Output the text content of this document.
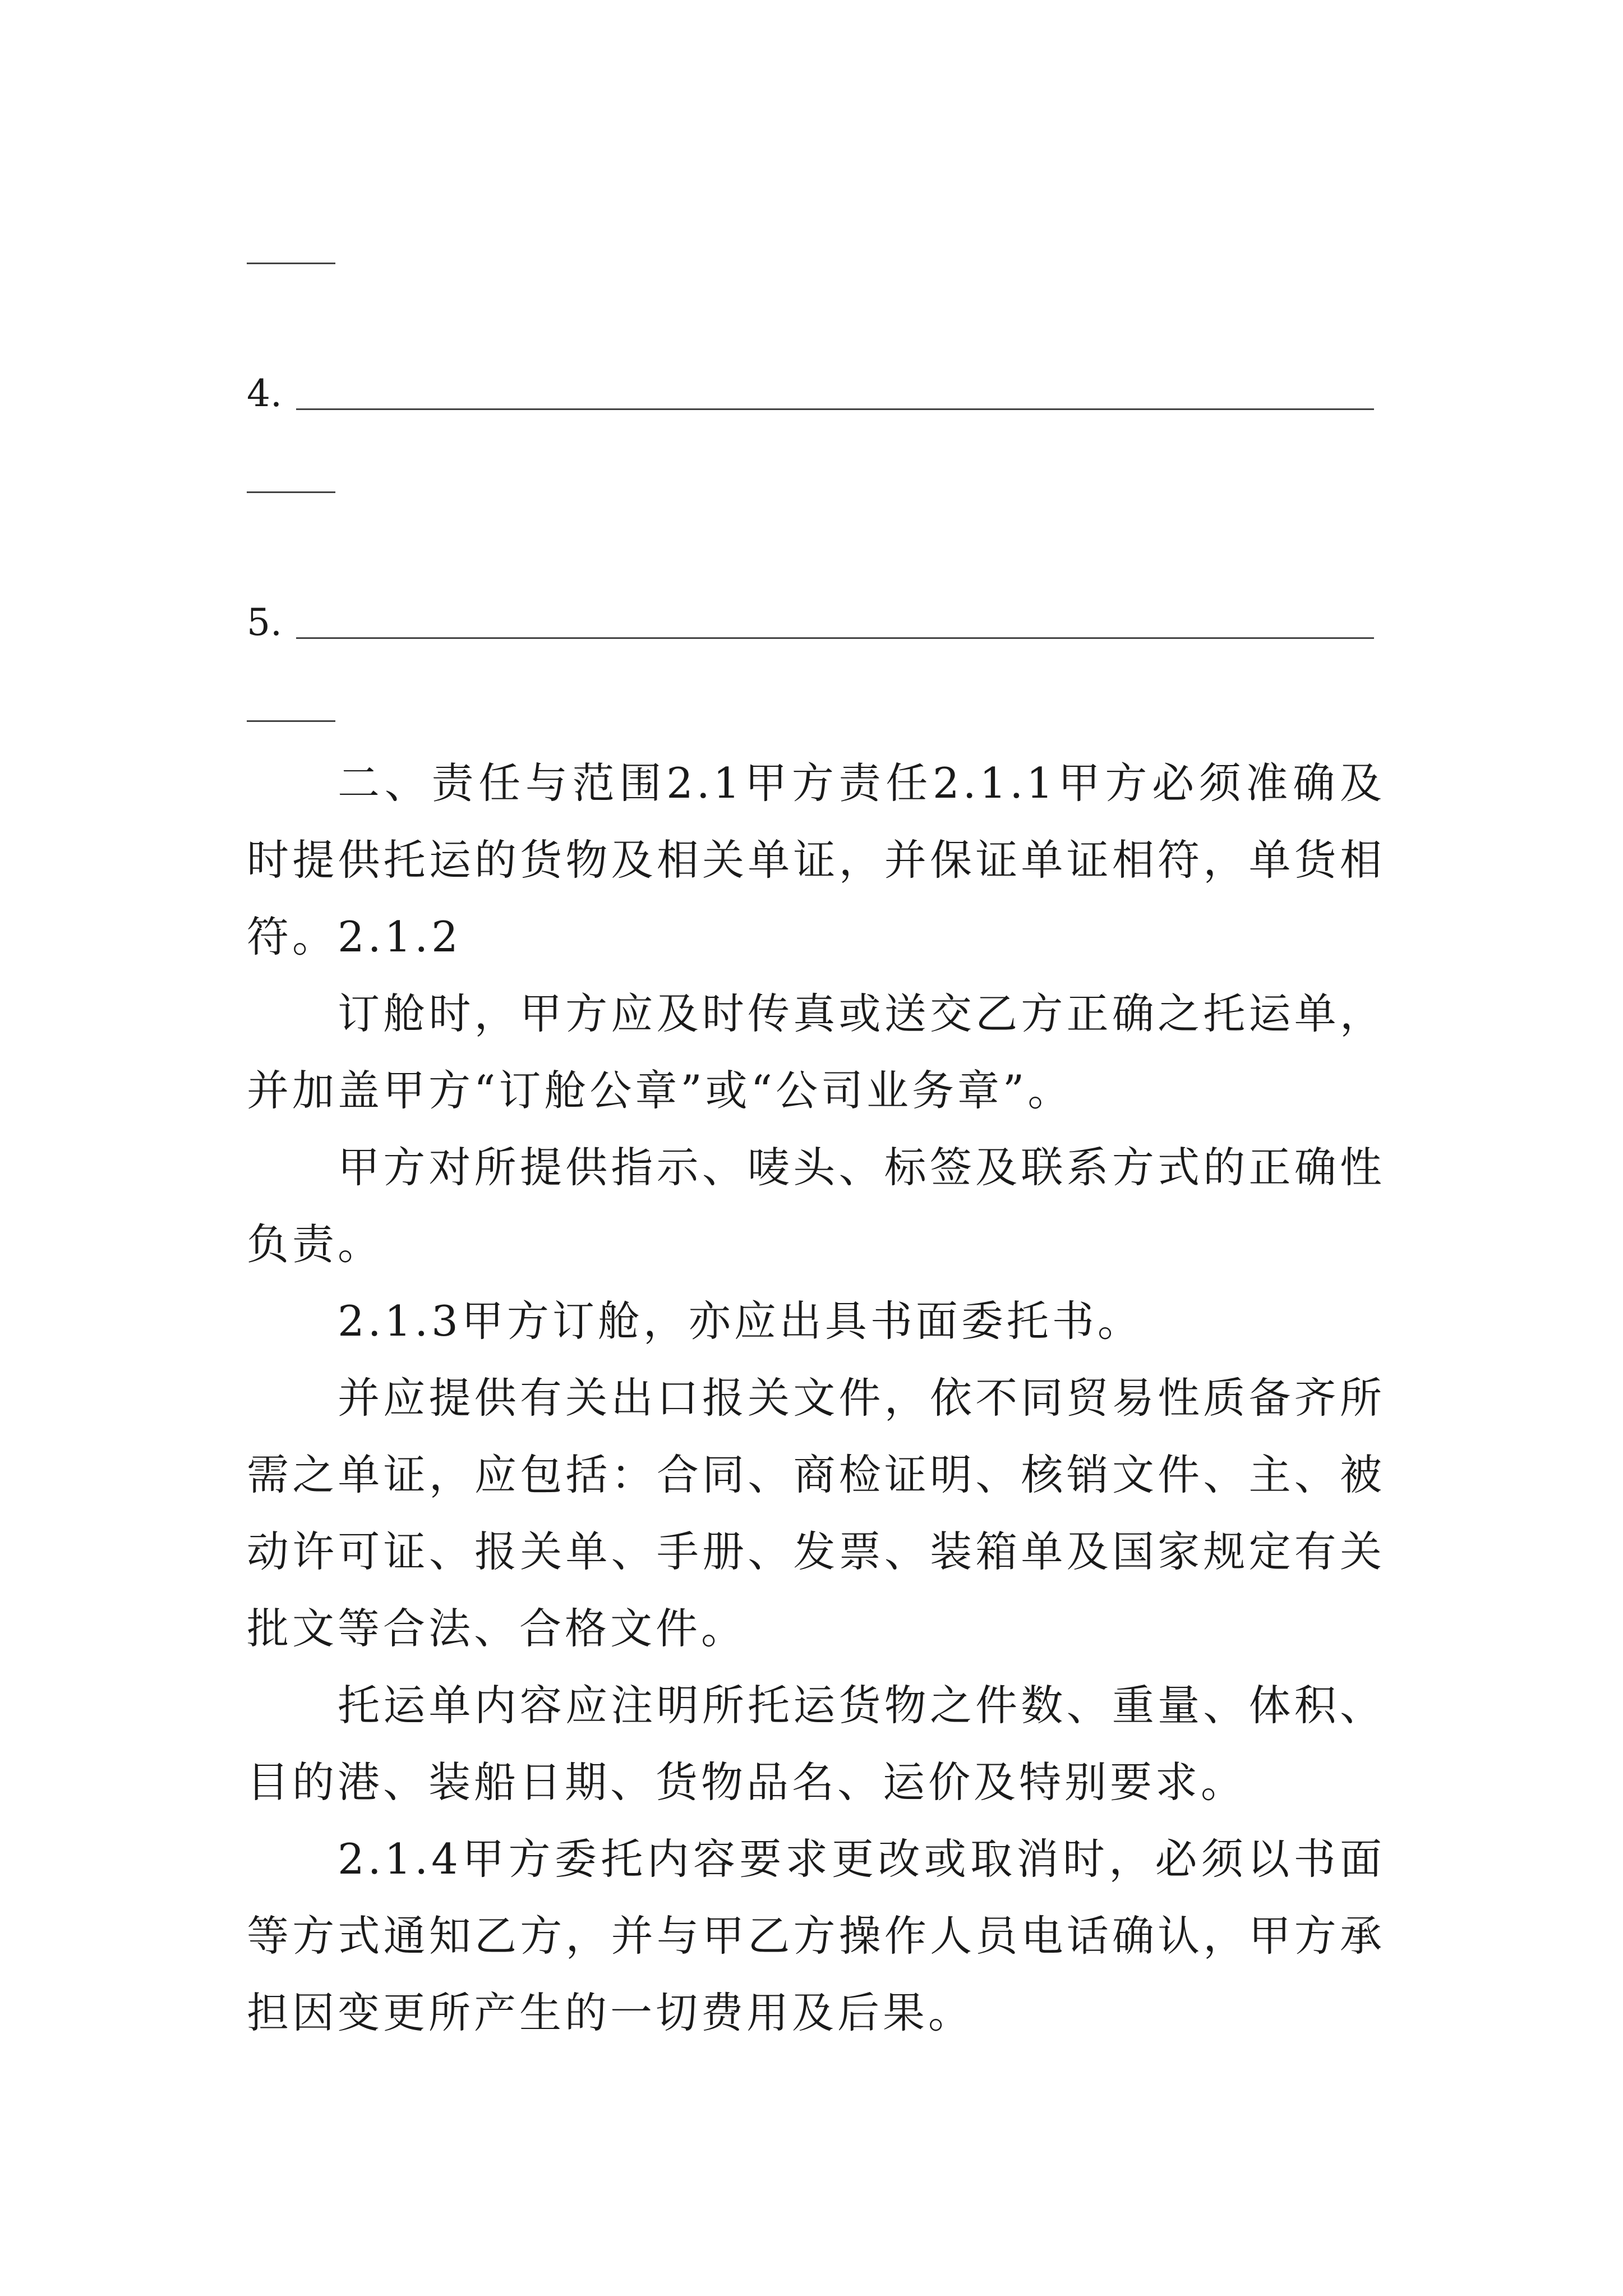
4.
5.

二、责任与范围2.1甲方责任2.1.1甲方必须准确及时提供托运的货物及相关单证，并保证单证相符，单货相符。 2.1.2

订舱时，甲方应及时传真或送交乙方正确之托运单，并加盖甲方“订舱公章”或“公司业务章”。

甲方对所提供指示、唛头、标签及联系方式的正确性负责。

2.1.3甲方订舱，亦应出具书面委托书。

并应提供有关出口报关文件，依不同贸易性质备齐所需之单证，应包括：合同、商检证明、核销文件、主、被动许可证、报关单、手册、发票、装箱单及国家规定有关批文等合法、合格文件。

托运单内容应注明所托运货物之件数、重量、体积、目的港、装船日期、货物品名、运价及特别要求。

2.1.4甲方委托内容要求更改或取消时，必须以书面等方式通知乙方，并与甲乙方操作人员电话确认，甲方承担因变更所产生的一切费用及后果。
